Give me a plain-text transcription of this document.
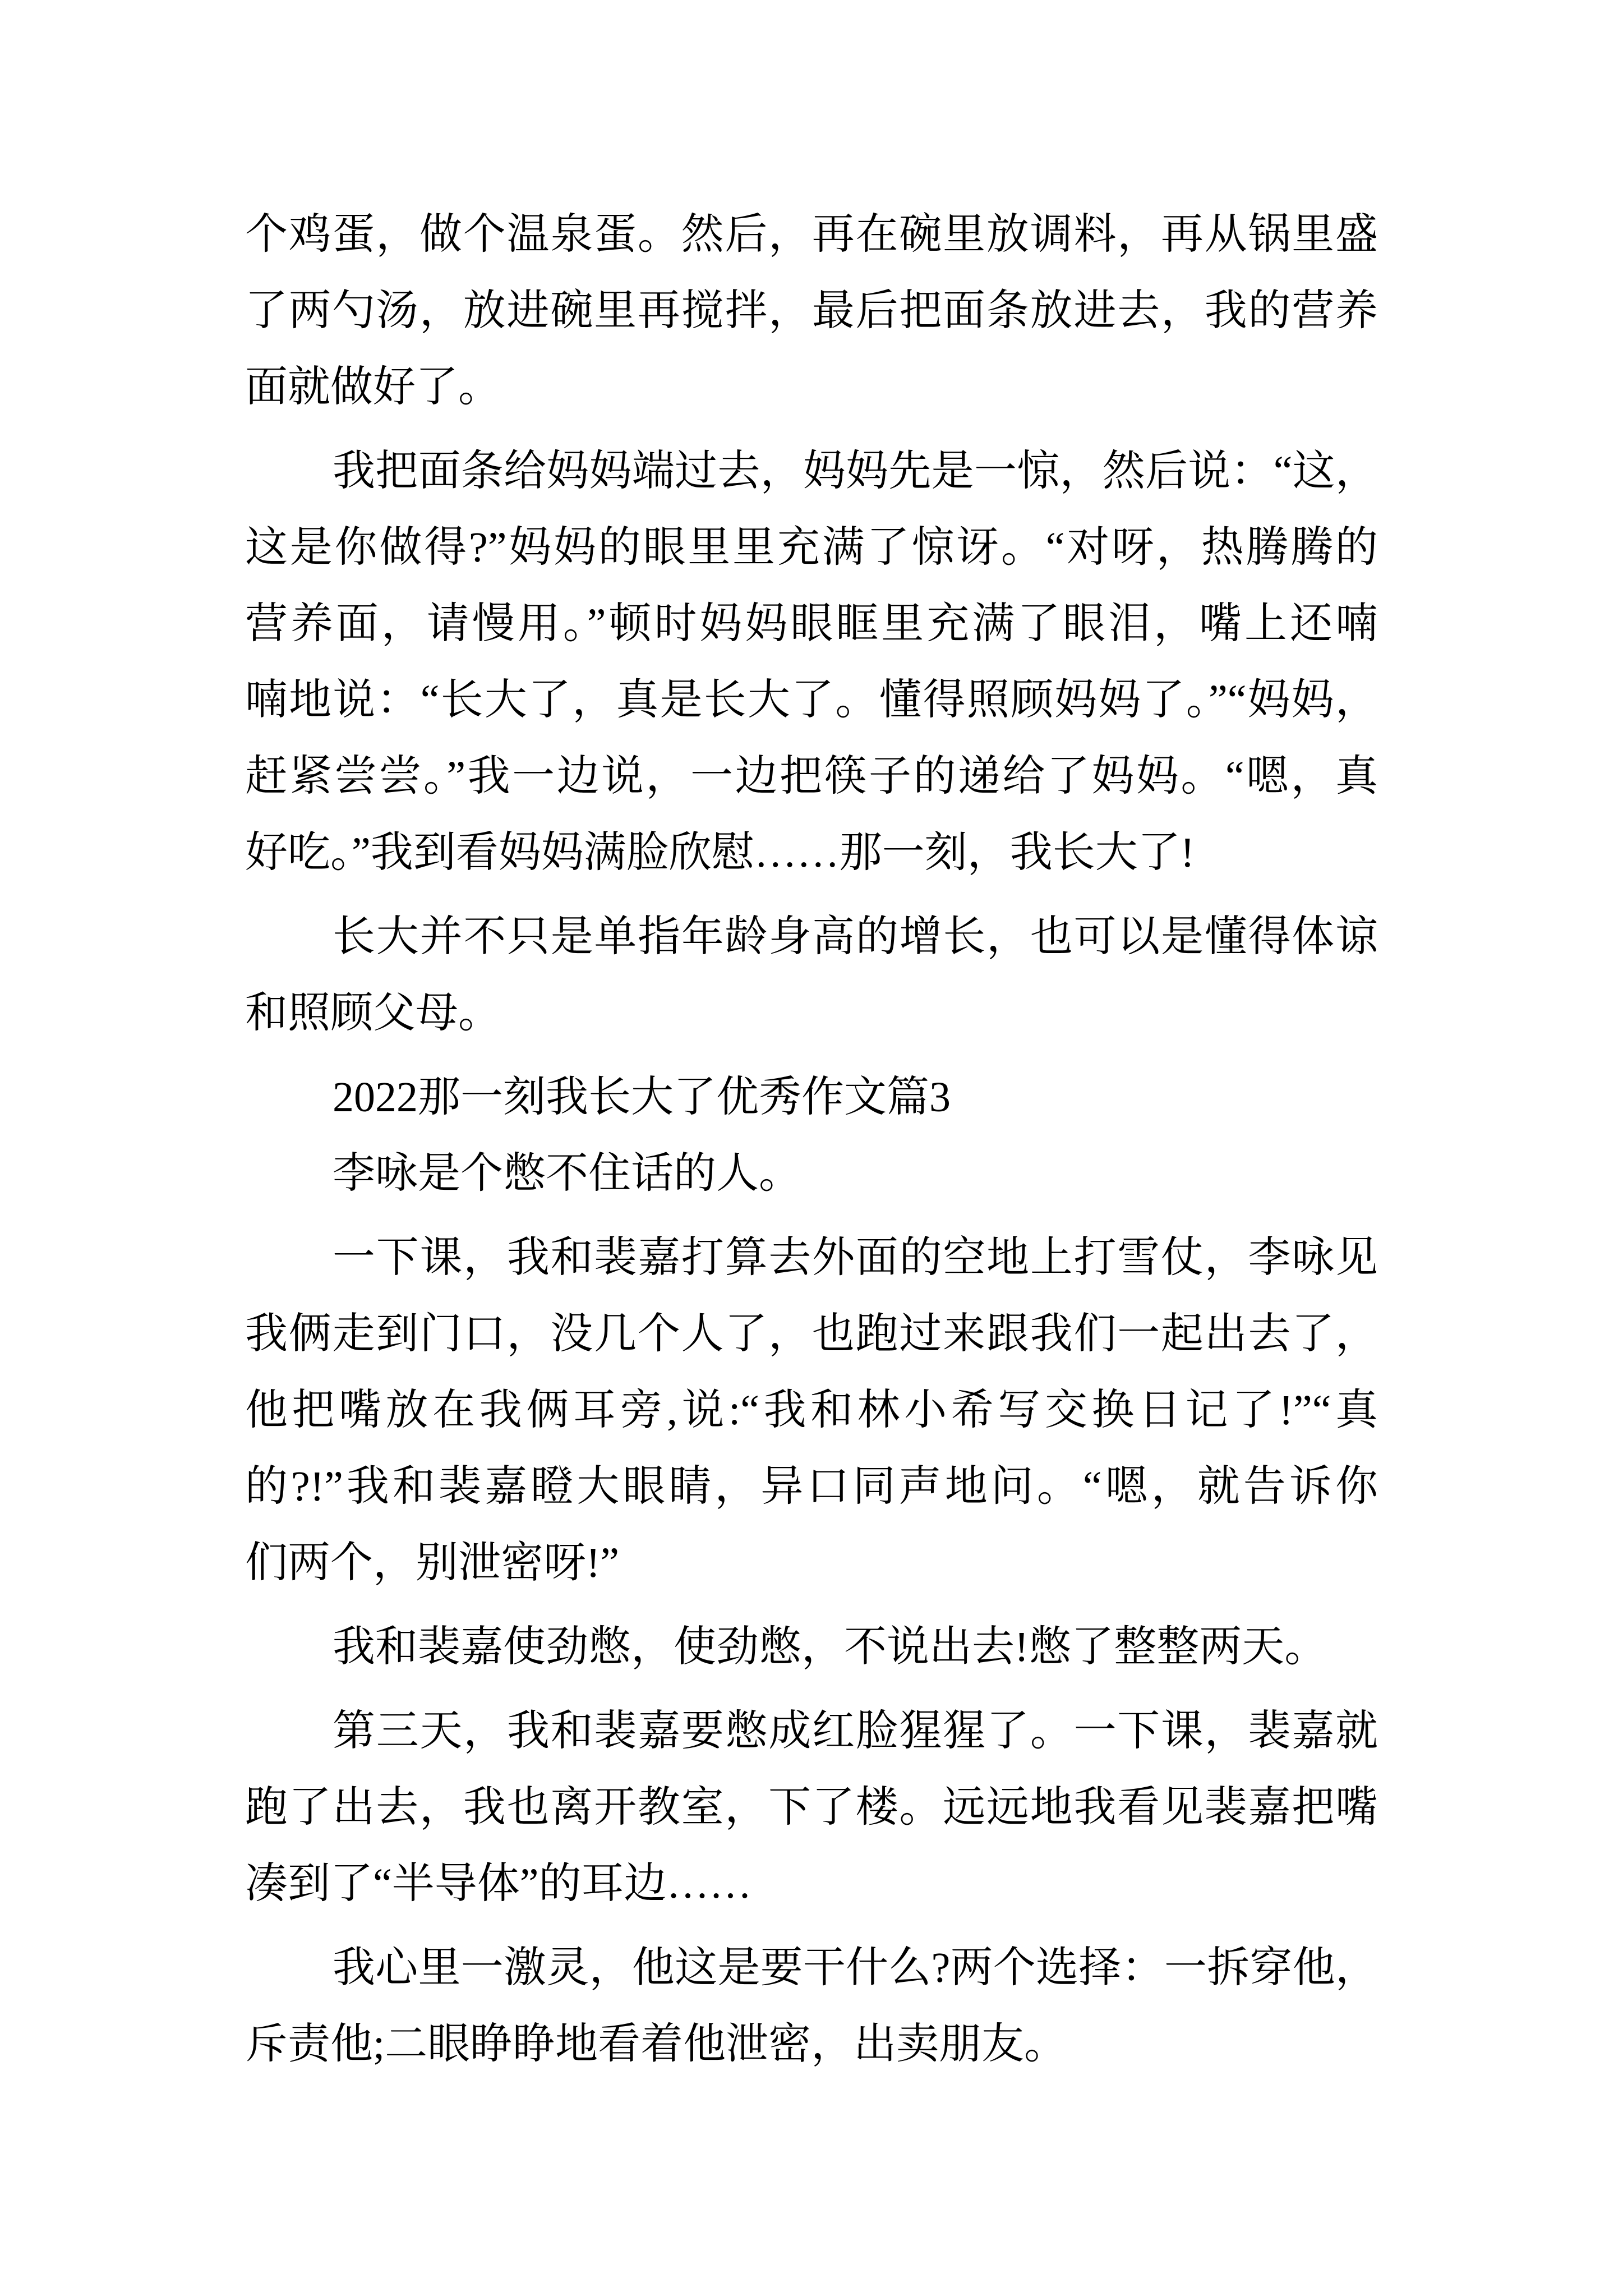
个鸡蛋，做个温泉蛋。然后，再在碗里放调料，再从锅里盛
了两勺汤，放进碗里再搅拌，最后把面条放进去，我的营养
面就做好了。
我把面条给妈妈端过去，妈妈先是一惊，然后说：“这，
这是你做得?”妈妈的眼里里充满了惊讶。“对呀，热腾腾的
营养面，请慢用。”顿时妈妈眼眶里充满了眼泪，嘴上还喃
喃地说：“长大了，真是长大了。懂得照顾妈妈了。”“妈妈，
赶紧尝尝。”我一边说，一边把筷子的递给了妈妈。“嗯，真
好吃。”我到看妈妈满脸欣慰……那一刻，我长大了!
长大并不只是单指年龄身高的增长，也可以是懂得体谅
和照顾父母。
2022那一刻我长大了优秀作文篇3
李咏是个憋不住话的人。
一下课，我和裴嘉打算去外面的空地上打雪仗，李咏见
我俩走到门口，没几个人了，也跑过来跟我们一起出去了，
他把嘴放在我俩耳旁,说:“我和林小希写交换日记了!”“真
的?!”我和裴嘉瞪大眼睛，异口同声地问。“嗯，就告诉你
们两个，别泄密呀!”
我和裴嘉使劲憋，使劲憋，不说出去!憋了整整两天。
第三天，我和裴嘉要憋成红脸猩猩了。一下课，裴嘉就
跑了出去，我也离开教室，下了楼。远远地我看见裴嘉把嘴
凑到了“半导体”的耳边……
我心里一激灵，他这是要干什么?两个选择：一拆穿他，
斥责他;二眼睁睁地看着他泄密，出卖朋友。
